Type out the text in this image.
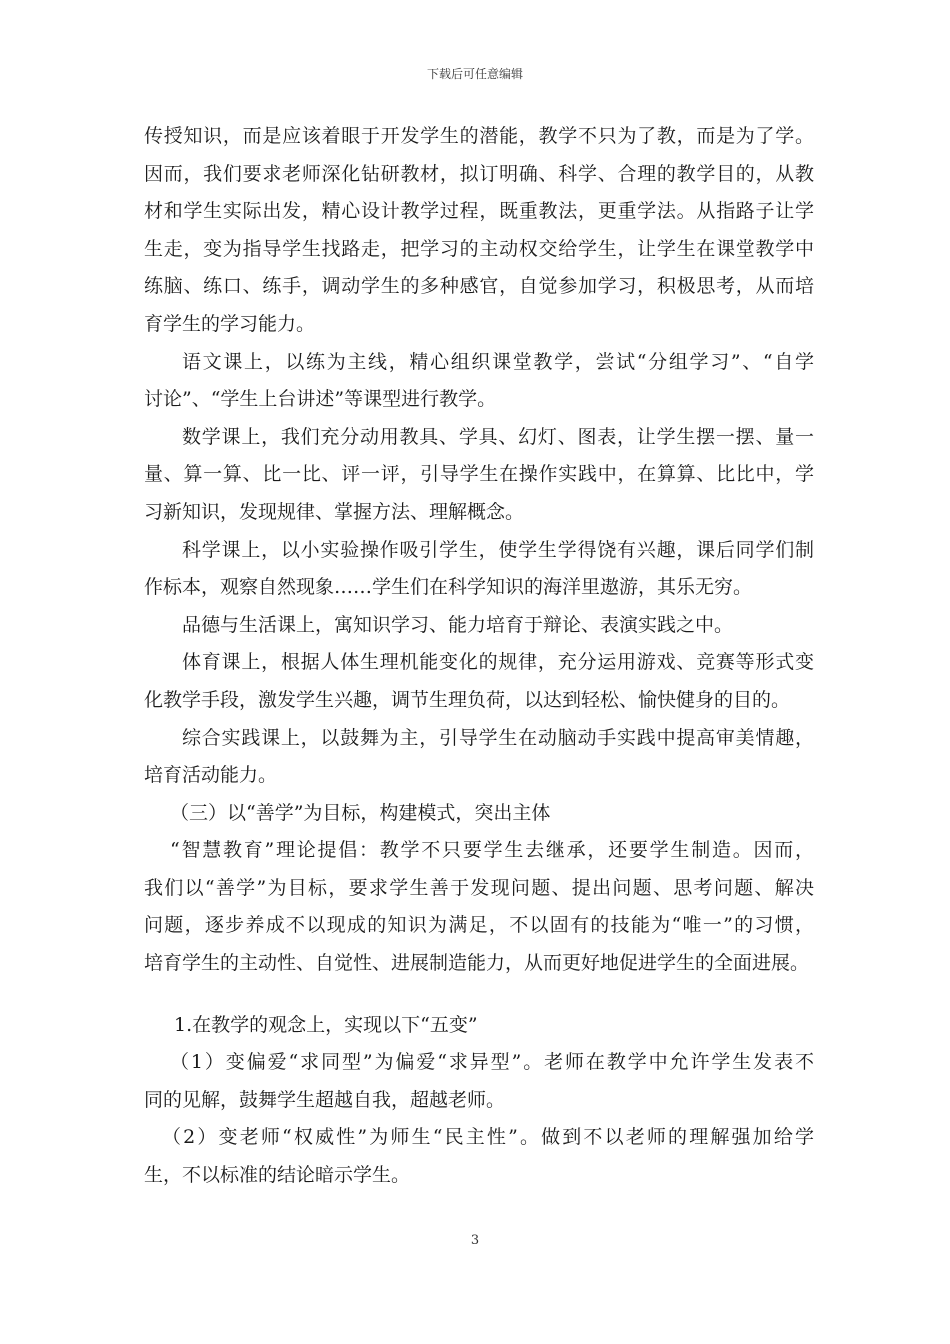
下载后可任意编辑
传授知识，而是应该着眼于开发学生的潜能，教学不只为了教，而是为了学。
因而，我们要求老师深化钻研教材，拟订明确、科学、合理的教学目的，从教
材和学生实际出发，精心设计教学过程，既重教法，更重学法。从指路子让学
生走，变为指导学生找路走，把学习的主动权交给学生，让学生在课堂教学中
练脑、练口、练手，调动学生的多种感官，自觉参加学习，积极思考，从而培
育学生的学习能力。
语文课上，以练为主线，精心组织课堂教学，尝试“分组学习”、“自学
讨论”、“学生上台讲述”等课型进行教学。
数学课上，我们充分动用教具、学具、幻灯、图表，让学生摆一摆、量一
量、算一算、比一比、评一评，引导学生在操作实践中，在算算、比比中，学
习新知识，发现规律、掌握方法、理解概念。
科学课上，以小实验操作吸引学生，使学生学得饶有兴趣，课后同学们制
作标本，观察自然现象……学生们在科学知识的海洋里遨游，其乐无穷。
品德与生活课上，寓知识学习、能力培育于辩论、表演实践之中。
体育课上，根据人体生理机能变化的规律，充分运用游戏、竞赛等形式变
化教学手段，激发学生兴趣，调节生理负荷，以达到轻松、愉快健身的目的。
综合实践课上，以鼓舞为主，引导学生在动脑动手实践中提高审美情趣，
培育活动能力。
（三）以“善学”为目标，构建模式，突出主体
“智慧教育”理论提倡：教学不只要学生去继承，还要学生制造。因而，
我们以“善学”为目标，要求学生善于发现问题、提出问题、思考问题、解决
问题，逐步养成不以现成的知识为满足，不以固有的技能为“唯一”的习惯，
培育学生的主动性、自觉性、进展制造能力，从而更好地促进学生的全面进展。
1.在教学的观念上，实现以下“五变”
（1）变偏爱“求同型”为偏爱“求异型”。老师在教学中允许学生发表不
同的见解，鼓舞学生超越自我，超越老师。
（2）变老师“权威性”为师生“民主性”。做到不以老师的理解强加给学
生，不以标准的结论暗示学生。
3
